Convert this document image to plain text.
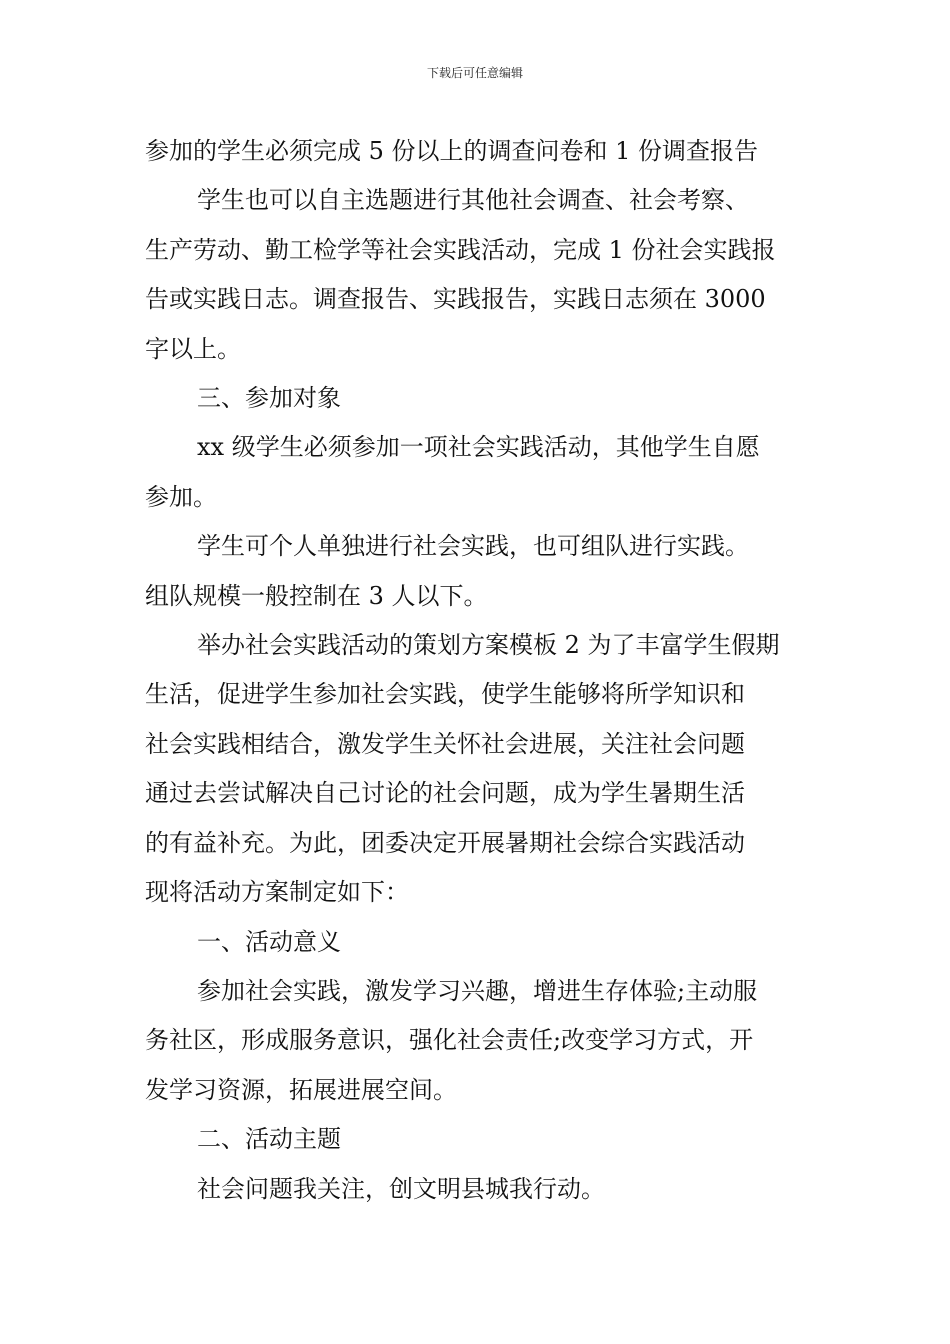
下载后可任意编辑
参加的学生必须完成 5 份以上的调查问卷和 1 份调查报告
学生也可以自主选题进行其他社会调查、社会考察、
生产劳动、勤工检学等社会实践活动，完成 1 份社会实践报
告或实践日志。调查报告、实践报告，实践日志须在 3000
字以上。
三、参加对象
xx 级学生必须参加一项社会实践活动，其他学生自愿
参加。
学生可个人单独进行社会实践，也可组队进行实践。
组队规模一般控制在 3 人以下。
举办社会实践活动的策划方案模板 2 为了丰富学生假期
生活，促进学生参加社会实践，使学生能够将所学知识和
社会实践相结合，激发学生关怀社会进展，关注社会问题
通过去尝试解决自己讨论的社会问题，成为学生暑期生活
的有益补充。为此，团委决定开展暑期社会综合实践活动
现将活动方案制定如下：
一、活动意义
参加社会实践，激发学习兴趣，增进生存体验;主动服
务社区，形成服务意识，强化社会责任;改变学习方式，开
发学习资源，拓展进展空间。
二、活动主题
社会问题我关注，创文明县城我行动。
